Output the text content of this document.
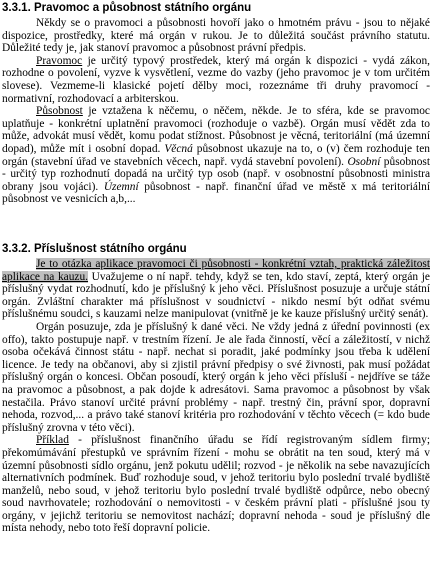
3.3.1. Pravomoc a působnost státního orgánu

Někdy se o pravomoci a působnosti hovoří jako o hmotném právu - jsou to nějaké dispozice, prostředky, které má orgán v rukou. Je to důležitá součást právního statutu. Důležité tedy je, jak stanoví pravomoc a působnost právní předpis.

Pravomoc je určitý typový prostředek, který má orgán k dispozici - vydá zákon, rozhodne o povolení, vyzve k vysvětlení, vezme do vazby (jeho pravomoc je v tom určitém slovese). Vezmeme-li klasické pojetí dělby moci, rozeznáme tři druhy pravomocí - normativní, rozhodovací a arbiterskou.

Působnost je vztažena k něčemu, o něčem, někde. Je to sféra, kde se pravomoc uplatňuje - konkrétní uplatnění pravomoci (rozhoduje o vazbě). Orgán musí vědět zda to může, advokát musí vědět, komu podat stížnost. Působnost je věcná, teritoriální (má územní dopad), může mít i osobní dopad. Věcná působnost ukazuje na to, o (v) čem rozhoduje ten orgán (stavební úřad ve stavebních věcech, např. vydá stavební povolení). Osobní působnost - určitý typ rozhodnutí dopadá na určitý typ osob (např. v osobnostní působnosti ministra obrany jsou vojáci). Územní působnost - např. finanční úřad ve městě x má teritoriální působnost ve vesnicích a,b,...

3.3.2. Příslušnost státního orgánu

Je to otázka aplikace pravomoci či působnosti - konkrétní vztah, praktická záležitost aplikace na kauzu. Uvažujeme o ní např. tehdy, když se ten, kdo staví, zeptá, který orgán je příslušný vydat rozhodnutí, kdo je příslušný k jeho věci. Příslušnost posuzuje a určuje státní orgán. Zvláštní charakter má příslušnost v soudnictví - nikdo nesmí být odňat svému příslušnému soudci, s kauzami nelze manipulovat (vnitřně je ke kauze příslušný určitý senát).

Orgán posuzuje, zda je příslušný k dané věci. Ne vždy jedná z úřední povinnosti (ex offo), takto postupuje např. v trestním řízení. Je ale řada činností, věcí a záležitostí, v nichž osoba očekává činnost státu - např. nechat si poradit, jaké podmínky jsou třeba k udělení licence. Je tedy na občanovi, aby si zjistil právní předpisy o své živnosti, pak musí požádat příslušný orgán o koncesi. Občan posoudí, který orgán k jeho věci přísluší - nejdříve se táže na pravomoc a působnost, a pak dojde k adresátovi. Sama pravomoc a působnost by však nestačila. Právo stanoví určité právní problémy - např. trestný čin, právní spor, dopravní nehoda, rozvod,... a právo také stanoví kritéria pro rozhodování v těchto věcech (= kdo bude příslušný zrovna v této věci).

Příklad - příslušnost finančního úřadu se řídí registrovaným sídlem firmy; překomúmávání přestupků ve správním řízení - mohu se obrátit na ten soud, který má v územní působnosti sídlo orgánu, jenž pokutu udělil; rozvod - je několik na sebe navazujících alternativních podmínek. Buď rozhoduje soud, v jehož teritoriu bylo poslední trvalé bydliště manželů, nebo soud, v jehož teritoriu bylo poslední trvalé bydliště odpůrce, nebo obecný soud navrhovatele; rozhodování o nemovitosti - v českém právní plati - příslušné jsou ty orgány, v jejichž teritoriu se nemovitost nachází; dopravní nehoda - soud je příslušný dle místa nehody, nebo toto řeší dopravní policie.
